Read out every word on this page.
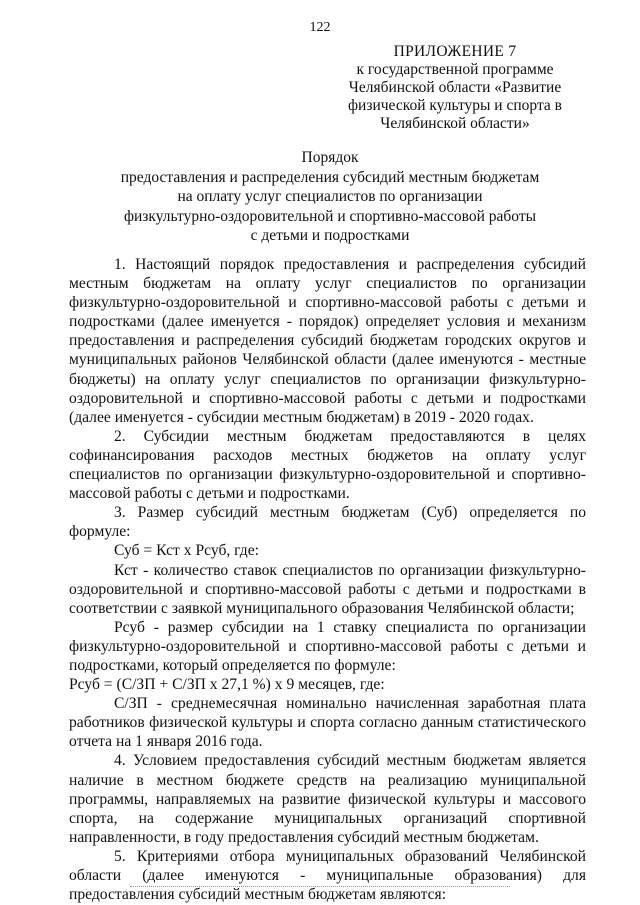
122
ПРИЛОЖЕНИЕ 7
к государственной программе
Челябинской области «Развитие
физической культуры и спорта в
Челябинской области»
Порядок
предоставления и распределения субсидий местным бюджетам
на оплату услуг специалистов по организации
физкультурно-оздоровительной и спортивно-массовой работы
с детьми и подростками

1. Настоящий порядок предоставления и распределения субсидий местным бюджетам на оплату услуг специалистов по организации физкультурно-оздоровительной и спортивно-массовой работы с детьми и подростками (далее именуется - порядок) определяет условия и механизм предоставления и распределения субсидий бюджетам городских округов и муниципальных районов Челябинской области (далее именуются - местные бюджеты) на оплату услуг специалистов по организации физкультурно-оздоровительной и спортивно-массовой работы с детьми и подростками (далее именуется - субсидии местным бюджетам) в 2019 - 2020 годах.

2. Субсидии местным бюджетам предоставляются в целях софинансирования расходов местных бюджетов на оплату услуг специалистов по организации физкультурно-оздоровительной и спортивно-массовой работы с детьми и подростками.

3. Размер субсидий местным бюджетам (Суб) определяется по формуле:

Суб = Кст х Рсуб, где:

Кст - количество ставок специалистов по организации физкультурно-оздоровительной и спортивно-массовой работы с детьми и подростками в соответствии с заявкой муниципального образования Челябинской области;

Рсуб - размер субсидии на 1 ставку специалиста по организации физкультурно-оздоровительной и спортивно-массовой работы с детьми и подростками, который определяется по формуле:

Рсуб = (С/ЗП + С/ЗП х 27,1 %) х 9 месяцев, где:

С/ЗП - среднемесячная номинально начисленная заработная плата работников физической культуры и спорта согласно данным статистического отчета на 1 января 2016 года.

4. Условием предоставления субсидий местным бюджетам является наличие в местном бюджете средств на реализацию муниципальной программы, направляемых на развитие физической культуры и массового спорта, на содержание муниципальных организаций спортивной направленности, в году предоставления субсидий местным бюджетам.

5. Критериями отбора муниципальных образований Челябинской области (далее именуются - муниципальные образования) для предоставления субсидий местным бюджетам являются:
